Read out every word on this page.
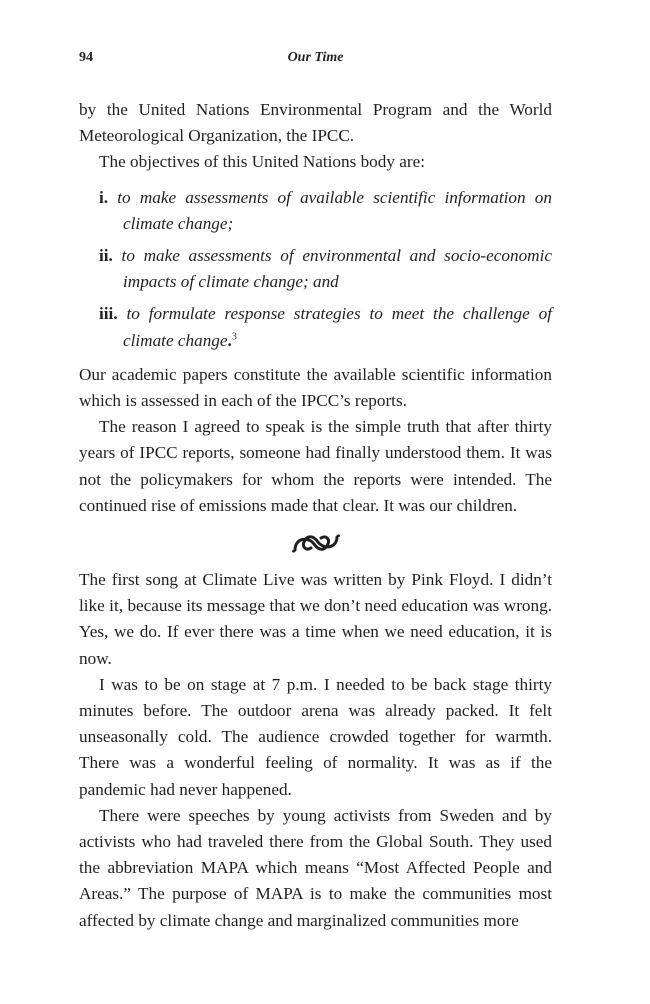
94	Our Time

by the United Nations Environmental Program and the World Meteorological Organization, the IPCC.

The objectives of this United Nations body are:

i. to make assessments of available scientific information on climate change;
ii. to make assessments of environmental and socio-economic impacts of climate change; and
iii. to formulate response strategies to meet the challenge of climate change.$^3$

Our academic papers constitute the available scientific information which is assessed in each of the IPCC’s reports.

The reason I agreed to speak is the simple truth that after thirty years of IPCC reports, someone had finally understood them. It was not the policymakers for whom the reports were intended. The continued rise of emissions made that clear. It was our children.

The first song at Climate Live was written by Pink Floyd. I didn’t like it, because its message that we don’t need education was wrong. Yes, we do. If ever there was a time when we need education, it is now.

I was to be on stage at 7 p.m. I needed to be back stage thirty minutes before. The outdoor arena was already packed. It felt unseasonally cold. The audience crowded together for warmth. There was a wonderful feeling of normality. It was as if the pandemic had never happened.

There were speeches by young activists from Sweden and by activists who had traveled there from the Global South. They used the abbreviation MAPA which means “Most Affected People and Areas.” The purpose of MAPA is to make the communities most affected by climate change and marginalized communities more
